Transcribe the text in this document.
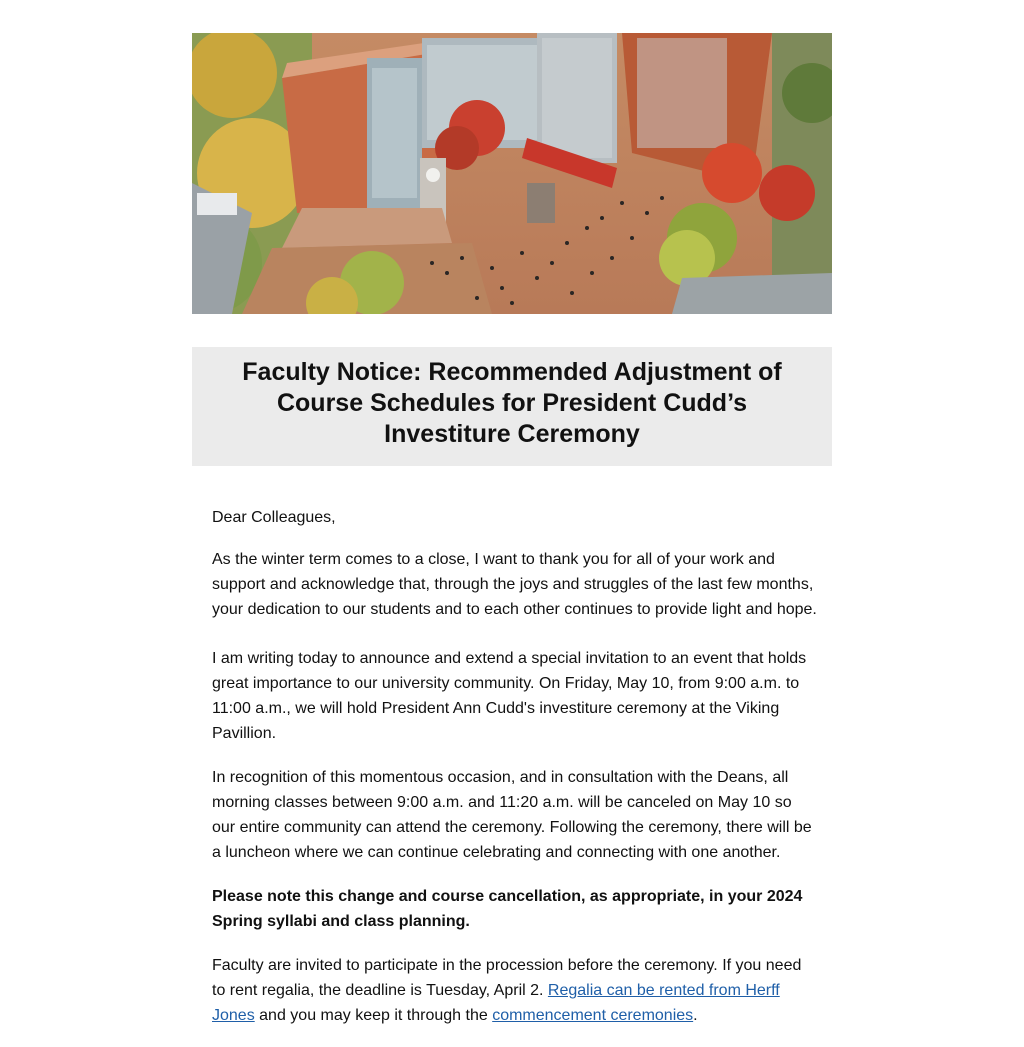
Faculty Notice: Recommended Adjustment of Course Schedules for President Cudd’s Investiture Ceremony

Dear Colleagues,

As the winter term comes to a close, I want to thank you for all of your work and support and acknowledge that, through the joys and struggles of the last few months, your dedication to our students and to each other continues to provide light and hope.

I am writing today to announce and extend a special invitation to an event that holds great importance to our university community. On Friday, May 10, from 9:00 a.m. to 11:00 a.m., we will hold President Ann Cudd's investiture ceremony at the Viking Pavillion.

In recognition of this momentous occasion, and in consultation with the Deans, all morning classes between 9:00 a.m. and 11:20 a.m. will be canceled on May 10 so our entire community can attend the ceremony. Following the ceremony, there will be a luncheon where we can continue celebrating and connecting with one another.

Please note this change and course cancellation, as appropriate, in your 2024 Spring syllabi and class planning.

Faculty are invited to participate in the procession before the ceremony. If you need to rent regalia, the deadline is Tuesday, April 2. Regalia can be rented from Herff Jones and you may keep it through the commencement ceremonies.
